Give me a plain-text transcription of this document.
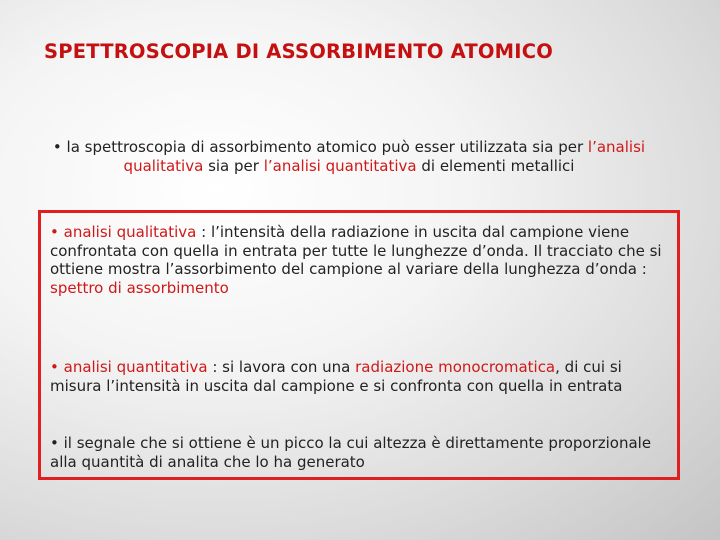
SPETTROSCOPIA DI ASSORBIMENTO ATOMICO
• la spettroscopia di assorbimento atomico può esser utilizzata sia per l’analisi qualitativa sia per l’analisi quantitativa di elementi metallici
• analisi qualitativa : l’intensità della radiazione in uscita dal campione viene confrontata con quella in entrata per tutte le lunghezze d’onda. Il tracciato che si ottiene mostra l’assorbimento del campione al variare della lunghezza d’onda :
spettro di assorbimento
• analisi quantitativa : si lavora con una radiazione monocromatica, di cui si misura l’intensità in uscita dal campione e si confronta con quella in entrata
• il segnale che si ottiene è un picco la cui altezza è direttamente proporzionale alla quantità di analita che lo ha generato
